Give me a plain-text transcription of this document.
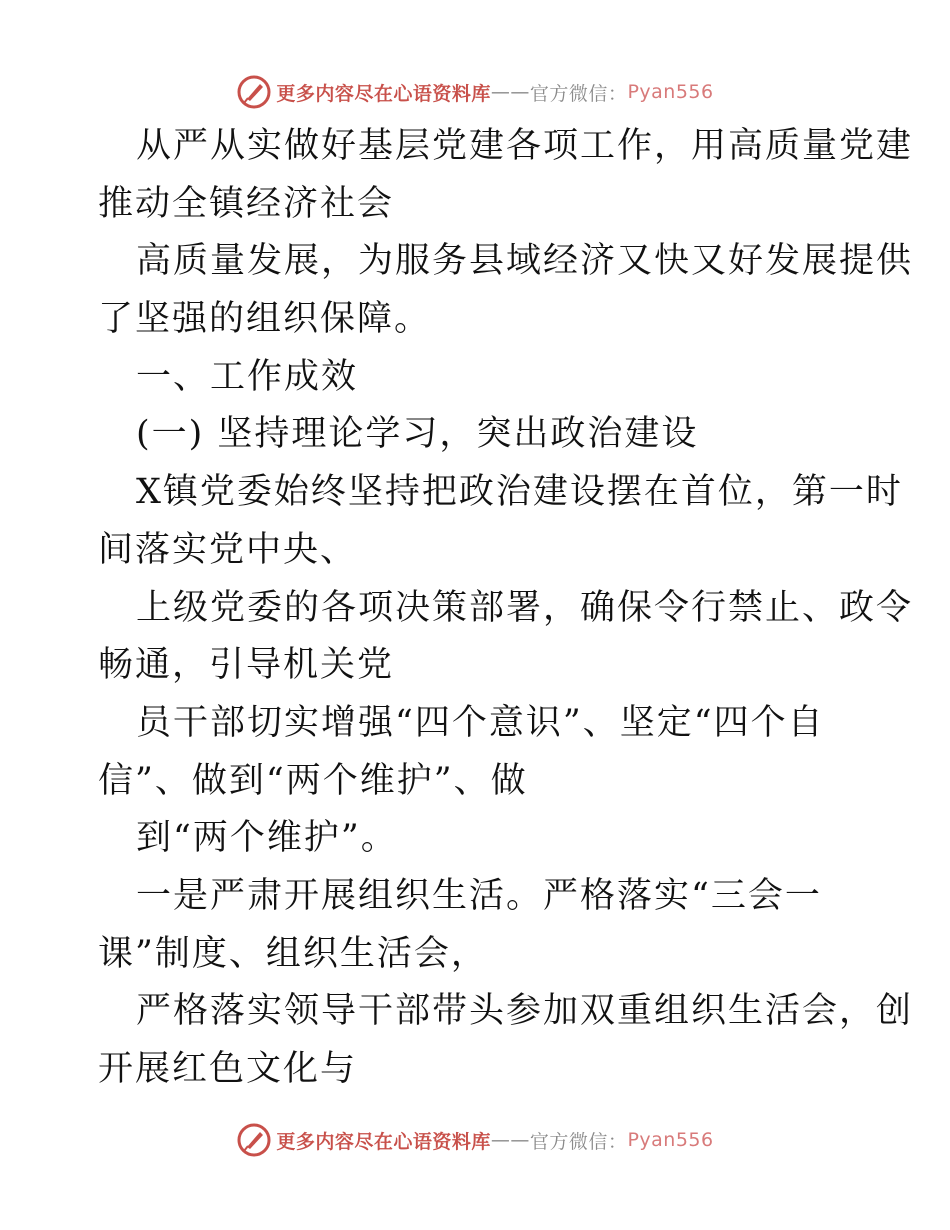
更多内容尽在心语资料库 —— 官方微信： Pyan556
从严从实做好基层党建各项工作，用高质量党建
推动全镇经济社会
高质量发展，为服务县域经济又快又好发展提供
了坚强的组织保障。
一、工作成效
(一) 坚持理论学习，突出政治建设
X镇党委始终坚持把政治建设摆在首位，第一时
间落实党中央、
上级党委的各项决策部署，确保令行禁止、政令
畅通，引导机关党
员干部切实增强“四个意识”、坚定“四个自
信”、做到“两个维护”、做
到“两个维护”。
一是严肃开展组织生活。严格落实“三会一
课”制度、组织生活会，
严格落实领导干部带头参加双重组织生活会，创
开展红色文化与
更多内容尽在心语资料库 —— 官方微信： Pyan556
